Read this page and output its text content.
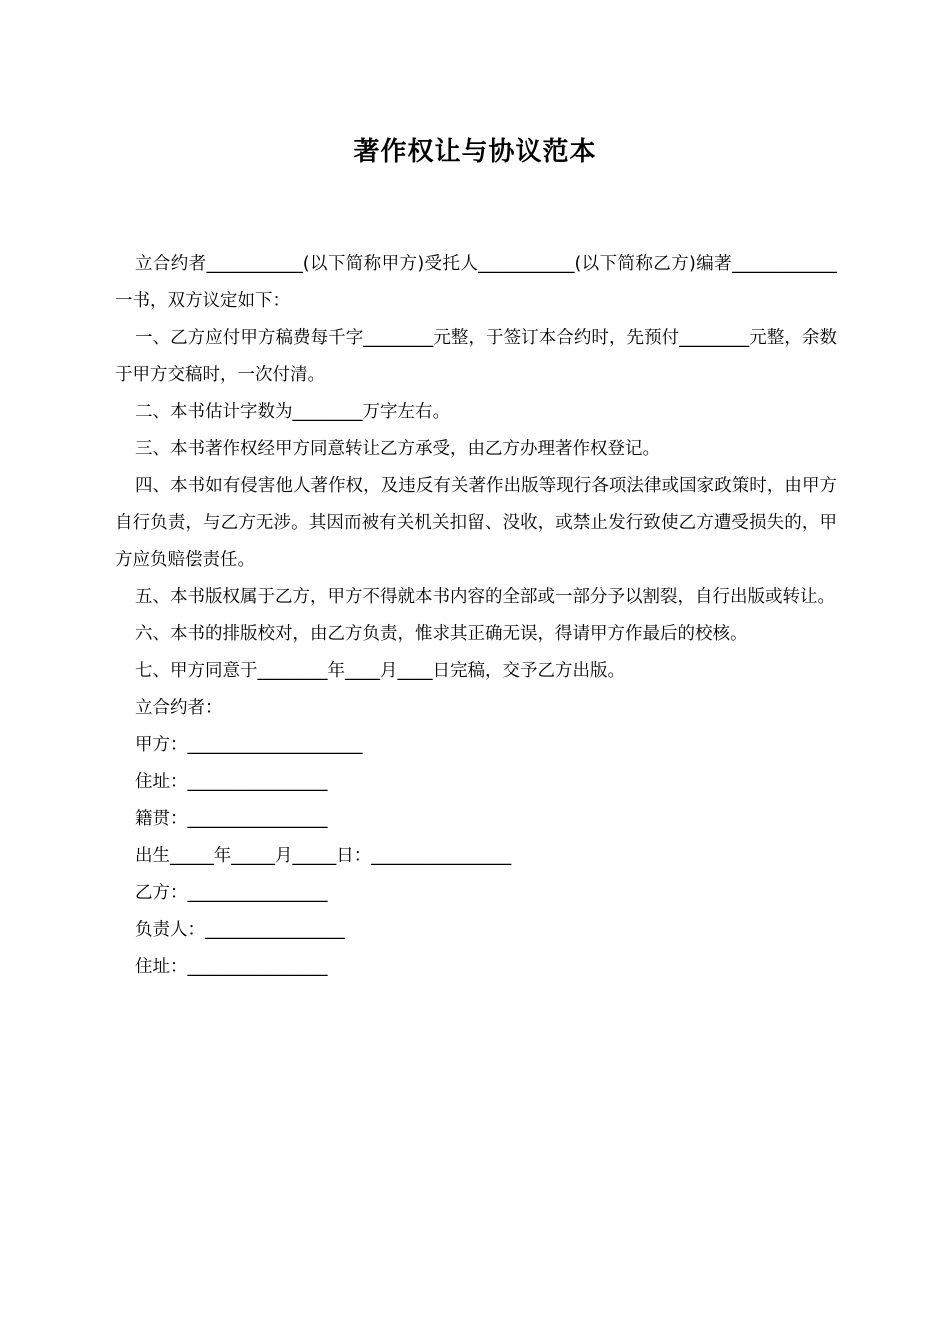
著作权让与协议范本

立合约者___________(以下简称甲方)受托人___________(以下简称乙方)编著____________一书，双方议定如下：

一、乙方应付甲方稿费每千字________元整，于签订本合约时，先预付________元整，余数于甲方交稿时，一次付清。

二、本书估计字数为________万字左右。

三、本书著作权经甲方同意转让乙方承受，由乙方办理著作权登记。

四、本书如有侵害他人著作权，及违反有关著作出版等现行各项法律或国家政策时，由甲方自行负责，与乙方无涉。其因而被有关机关扣留、没收，或禁止发行致使乙方遭受损失的，甲方应负赔偿责任。

五、本书版权属于乙方，甲方不得就本书内容的全部或一部分予以割裂，自行出版或转让。

六、本书的排版校对，由乙方负责，惟求其正确无误，得请甲方作最后的校核。

七、甲方同意于________年____月____日完稿，交予乙方出版。

立合约者：

甲方：____________________

住址：________________

籍贯：________________

出生_____年_____月_____日：________________

乙方：________________

负责人：________________

住址：________________
